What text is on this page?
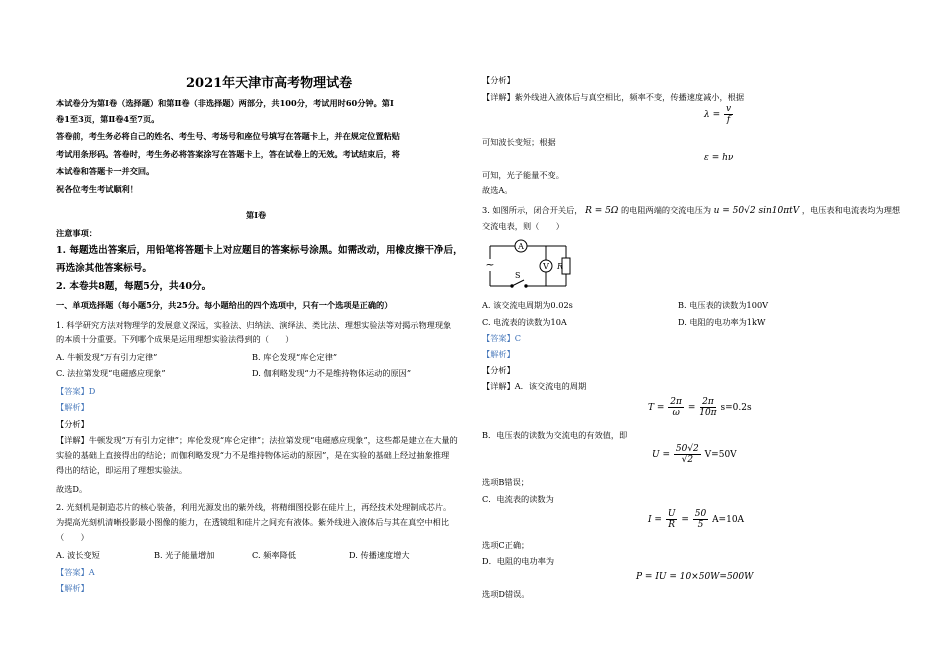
2021年天津市高考物理试卷
本试卷分为第Ⅰ卷（选择题）和第Ⅱ卷（非选择题）两部分，共100分，考试用时60分钟。第Ⅰ
卷1至3页，第Ⅱ卷4至7页。
答卷前，考生务必将自己的姓名、考生号、考场号和座位号填写在答题卡上，并在规定位置粘贴
考试用条形码。答卷时，考生务必将答案涂写在答题卡上，答在试卷上的无效。考试结束后，将
本试卷和答题卡一并交回。
祝各位考生考试顺利！
第Ⅰ卷
注意事项：
1. 每题选出答案后，用铅笔将答题卡上对应题目的答案标号涂黑。如需改动，用橡皮擦干净后，
再选涂其他答案标号。
2. 本卷共8题，每题5分，共40分。
一、单项选择题（每小题5分，共25分。每小题给出的四个选项中，只有一个选项是正确的）
1. 科学研究方法对物理学的发展意义深远，实验法、归纳法、演绎法、类比法、理想实验法等对揭示物理现象
的本质十分重要。下列哪个成果是运用理想实验法得到的（　　）
A. 牛顿发现“万有引力定律”	B. 库仑发现“库仑定律”
C. 法拉第发现“电磁感应现象”	D. 伽利略发现“力不是维持物体运动的原因”
【答案】D
【解析】
【分析】
【详解】牛顿发现“万有引力定律”；库伦发现“库仑定律”；法拉第发现“电磁感应现象”，这些都是建立在大量的
实验的基础上直接得出的结论；而伽利略发现“力不是维持物体运动的原因”，是在实验的基础上经过抽象推理
得出的结论，即运用了理想实验法。
故选D。
2. 光刻机是制造芯片的核心装备，利用光源发出的紫外线，将精细图投影在硅片上，再经技术处理制成芯片。
为提高光刻机清晰投影最小图像的能力，在透镜组和硅片之间充有液体。紫外线进入液体后与其在真空中相比
（　　）
A. 波长变短	B. 光子能量增加	C. 频率降低	D. 传播速度增大
【答案】A
【解析】
【分析】
【详解】紫外线进入液体后与真空相比，频率不变，传播速度减小，根据
$\lambda = \frac{v}{f}$
可知波长变短；根据
ε = hν
可知，光子能量不变。
故选A。
3. 如图所示，闭合开关后， R = 5Ω 的电阻两端的交流电压为 u = 50√2 sin10πtV ，电压表和电流表均为理想
交流电表，则（　　）
A
V R
S
~
A. 该交流电周期为0.02s	B. 电压表的读数为100V
C. 电流表的读数为10A	D. 电阻的电功率为1kW
【答案】C
【解析】
【分析】
【详解】A．该交流电的周期
$T = \frac{2\pi}{\omega} = \frac{2\pi}{10\pi} s=0.2s$
B．电压表的读数为交流电的有效值，即
$U = \frac{50√2}{√2} V=50V$
选项B错误；
C．电流表的读数为
$I = \frac{U}{R} = \frac{50}{5} A=10A$
选项C正确；
D．电阻的电功率为
P = IU = 10×50W=500W
选项D错误。
